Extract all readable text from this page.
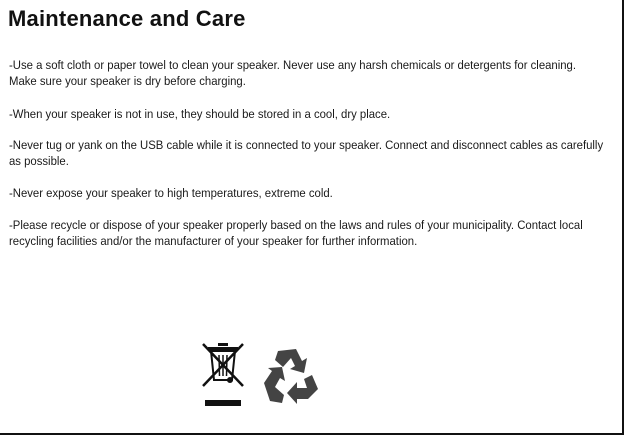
Maintenance and Care

-Use a soft cloth or paper towel to clean your speaker. Never use any harsh chemicals or detergents for cleaning. Make sure your speaker is dry before charging.

-When your speaker is not in use, they should be stored in a cool, dry place.

-Never tug or yank on the USB cable while it is connected to your speaker. Connect and disconnect cables as carefully as possible.

-Never expose your speaker to high temperatures, extreme cold.

-Please recycle or dispose of your speaker properly based on the laws and rules of your municipality. Contact local recycling facilities and/or the manufacturer of your speaker for further information.
